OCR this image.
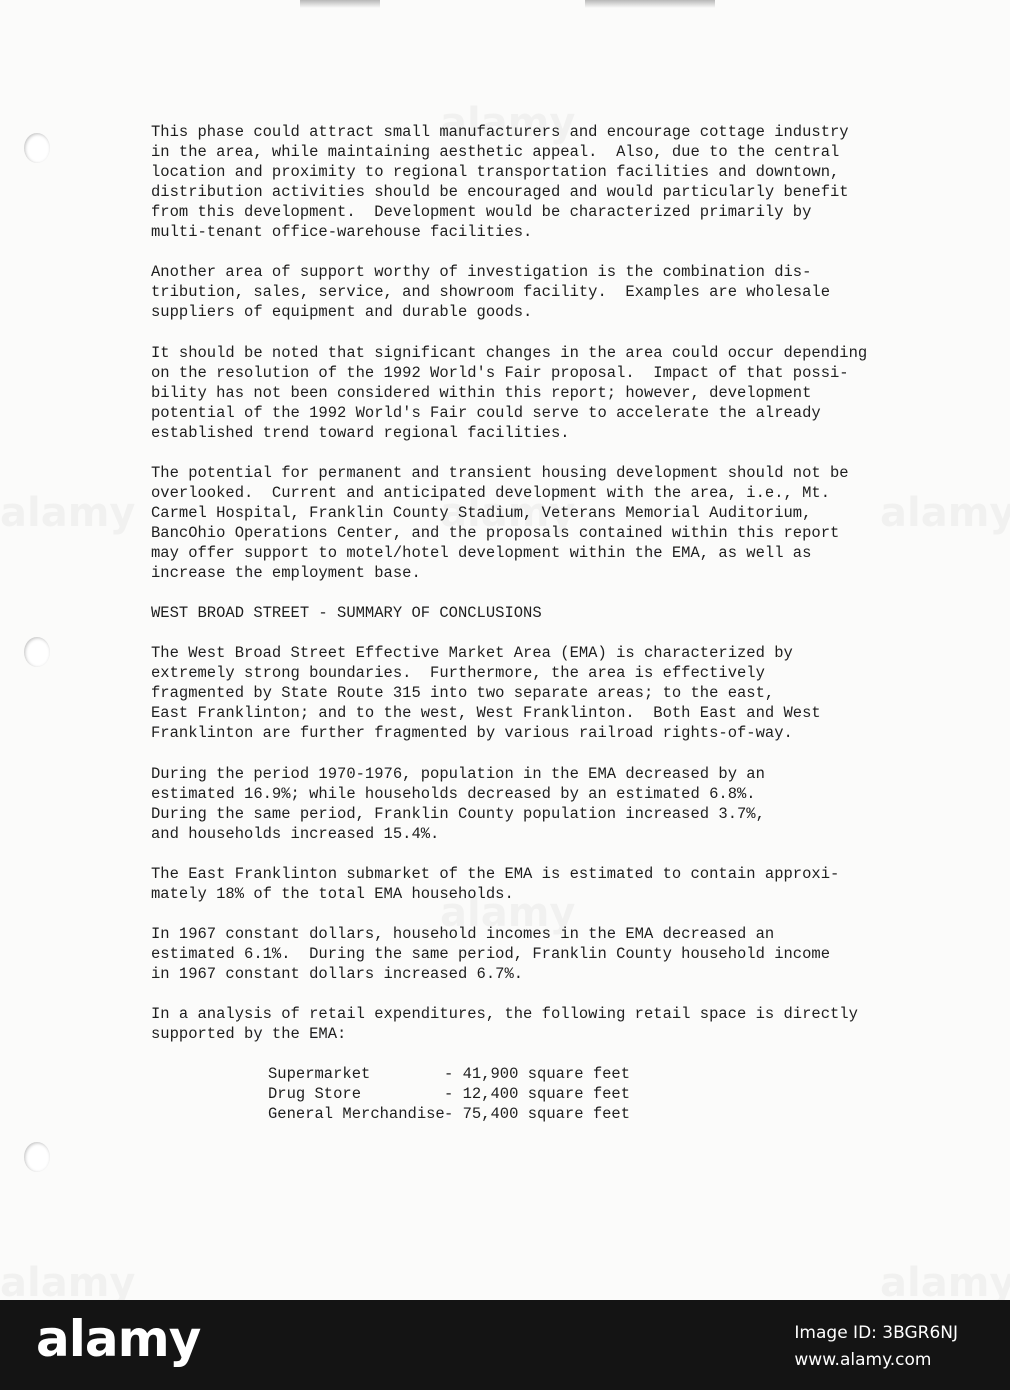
This phase could attract small manufacturers and encourage cottage industry
in the area, while maintaining aesthetic appeal.  Also, due to the central
location and proximity to regional transportation facilities and downtown,
distribution activities should be encouraged and would particularly benefit
from this development.  Development would be characterized primarily by
multi-tenant office-warehouse facilities.

Another area of support worthy of investigation is the combination dis-
tribution, sales, service, and showroom facility.  Examples are wholesale
suppliers of equipment and durable goods.

It should be noted that significant changes in the area could occur depending
on the resolution of the 1992 World's Fair proposal.  Impact of that possi-
bility has not been considered within this report; however, development
potential of the 1992 World's Fair could serve to accelerate the already
established trend toward regional facilities.

The potential for permanent and transient housing development should not be
overlooked.  Current and anticipated development with the area, i.e., Mt.
Carmel Hospital, Franklin County Stadium, Veterans Memorial Auditorium,
BancOhio Operations Center, and the proposals contained within this report
may offer support to motel/hotel development within the EMA, as well as
increase the employment base.

WEST BROAD STREET - SUMMARY OF CONCLUSIONS

The West Broad Street Effective Market Area (EMA) is characterized by
extremely strong boundaries.  Furthermore, the area is effectively
fragmented by State Route 315 into two separate areas; to the east,
East Franklinton; and to the west, West Franklinton.  Both East and West
Franklinton are further fragmented by various railroad rights-of-way.

During the period 1970-1976, population in the EMA decreased by an
estimated 16.9%; while households decreased by an estimated 6.8%.
During the same period, Franklin County population increased 3.7%,
and households increased 15.4%.

The East Franklinton submarket of the EMA is estimated to contain approxi-
mately 18% of the total EMA households.

In 1967 constant dollars, household incomes in the EMA decreased an
estimated 6.1%.  During the same period, Franklin County household income
in 1967 constant dollars increased 6.7%.

In a analysis of retail expenditures, the following retail space is directly
supported by the EMA:

Supermarket	- 41,900 square feet
Drug Store	- 12,400 square feet
General Merchandise - 75,400 square feet
alamy	Image ID: 3BGR6NJ
www.alamy.com
